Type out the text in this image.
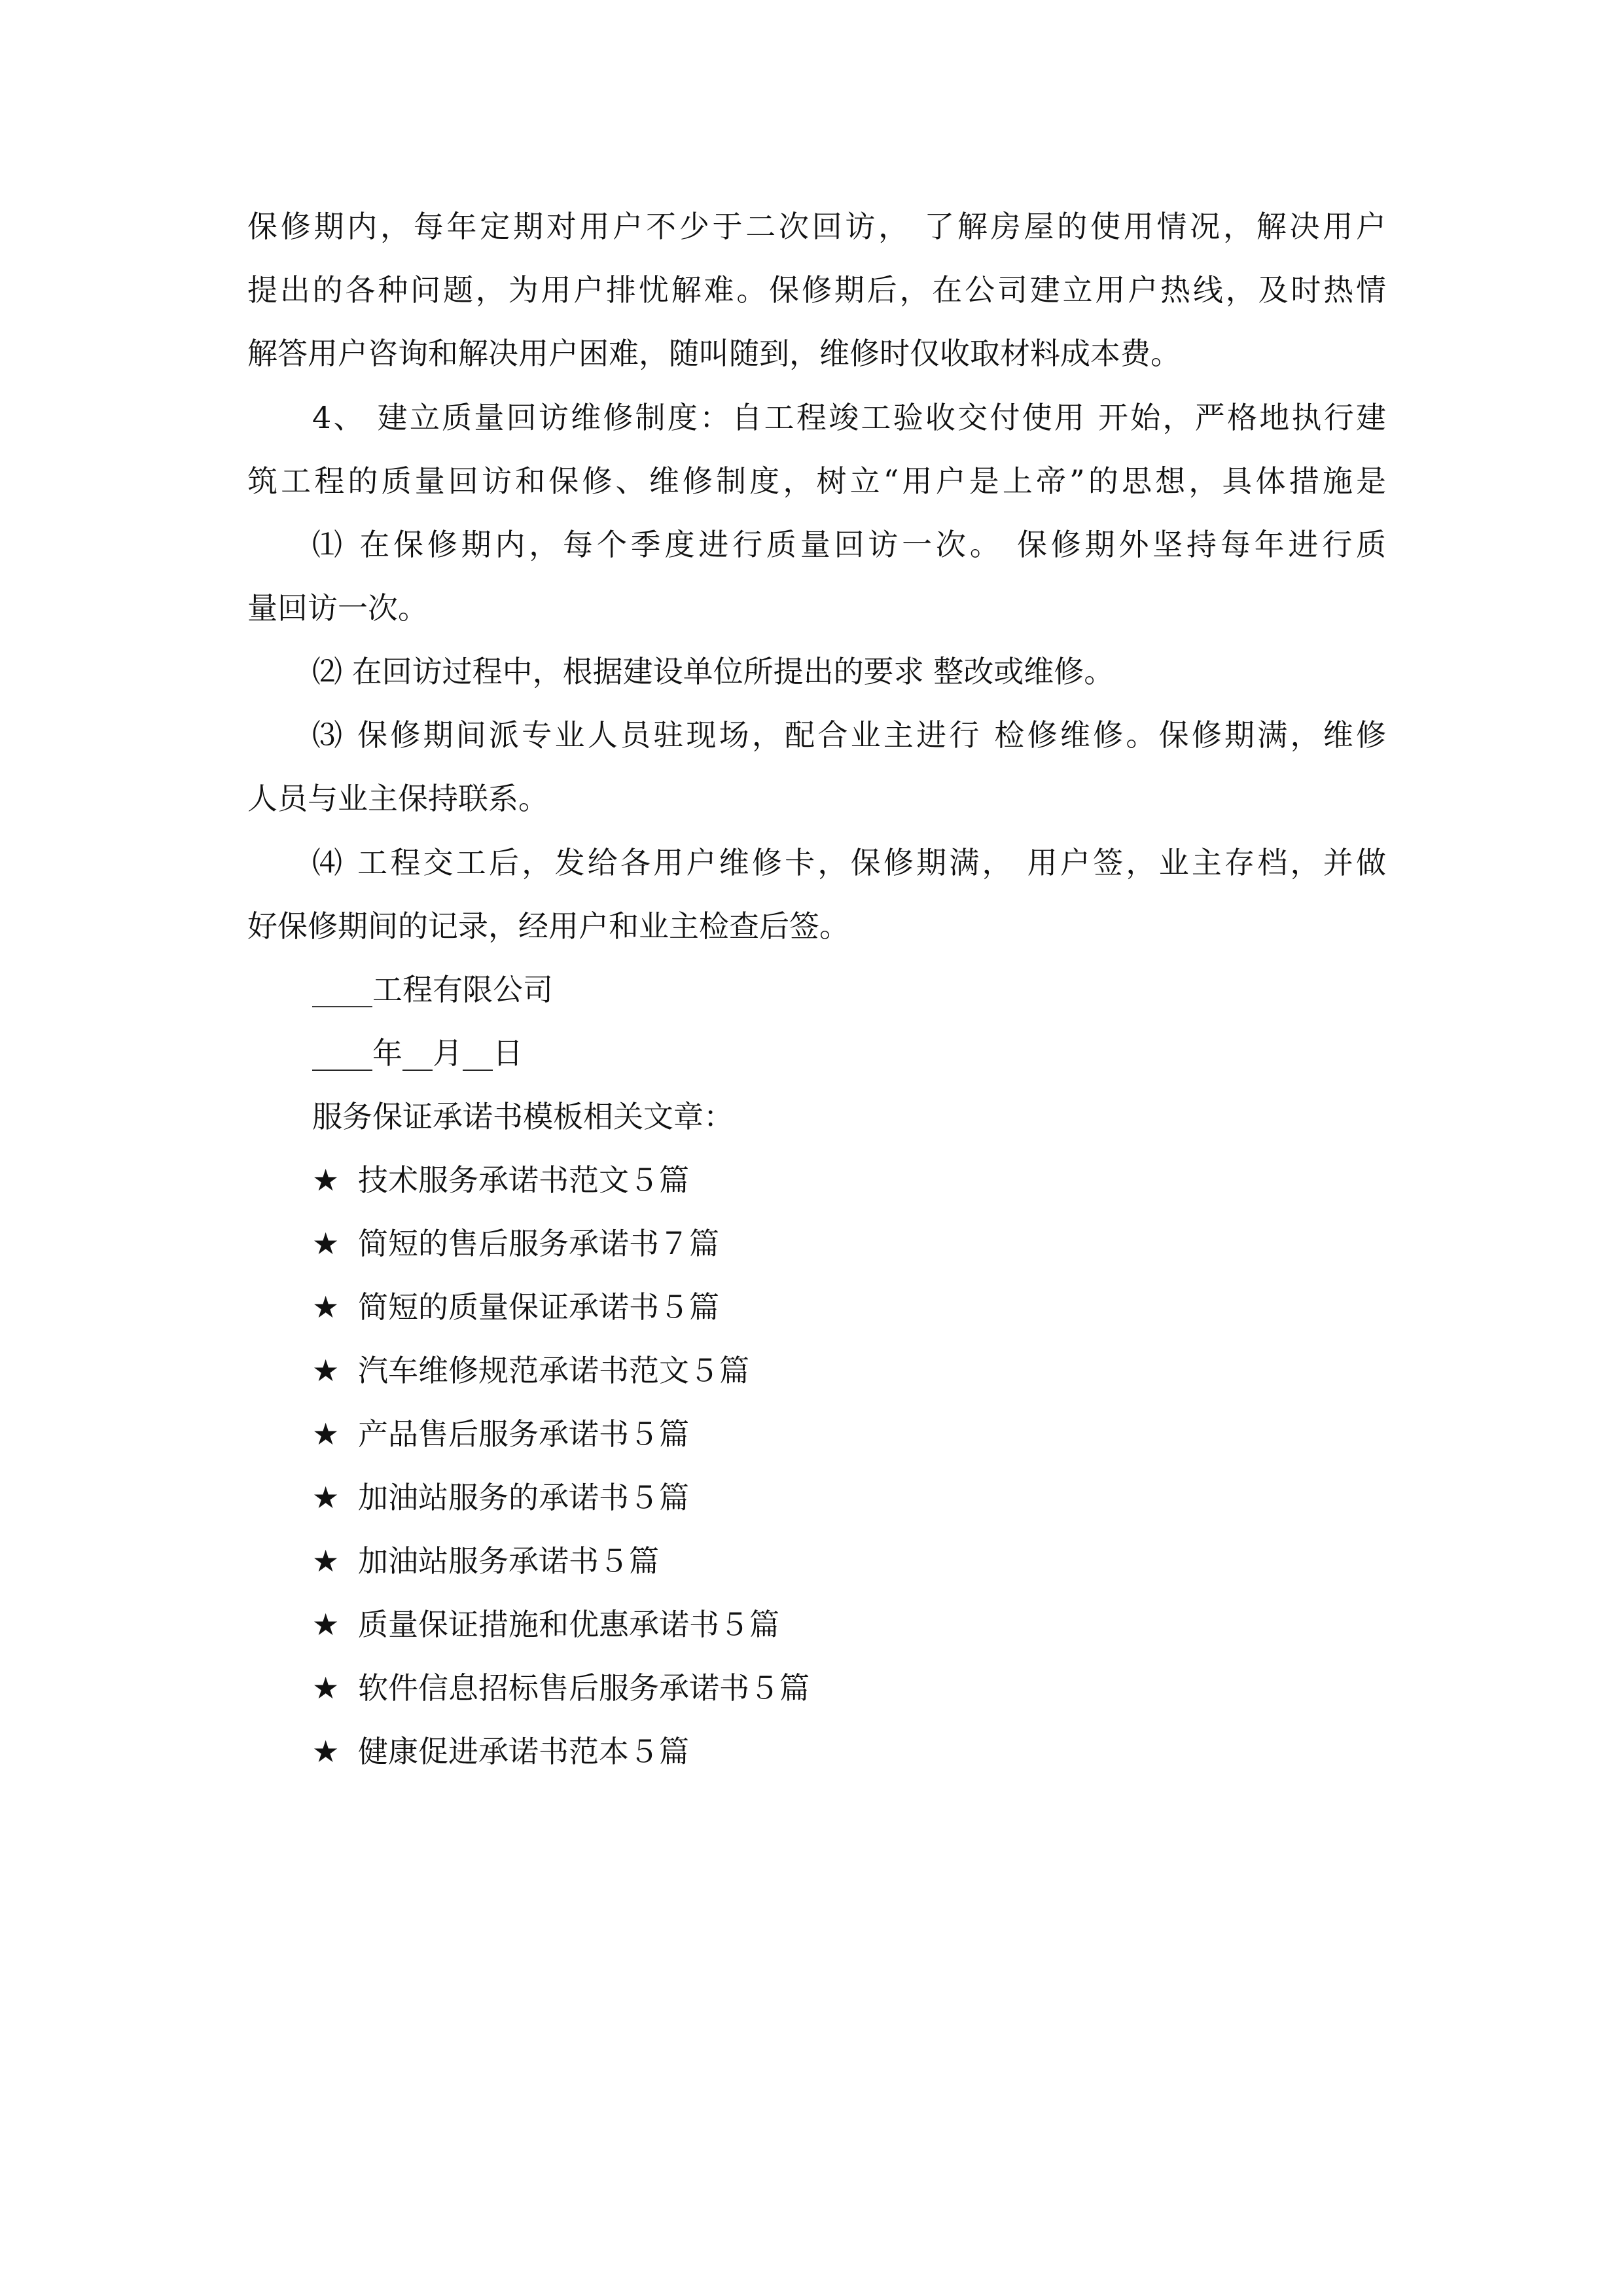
保修期内，每年定期对用户不少于二次回访， 了解房屋的使用情况，解决用户
提出的各种问题，为用户排忧解难。保修期后，在公司建立用户热线，及时热情
解答用户咨询和解决用户困难，随叫随到，维修时仅收取材料成本费。
4、 建立质量回访维修制度：自工程竣工验收交付使用 开始，严格地执行建
筑工程的质量回访和保修、维修制度，树立“用户是上帝”的思想，具体措施是
⑴ 在保修期内，每个季度进行质量回访一次。 保修期外坚持每年进行质
量回访一次。
⑵ 在回访过程中，根据建设单位所提出的要求 整改或维修。
⑶ 保修期间派专业人员驻现场，配合业主进行 检修维修。保修期满，维修
人员与业主保持联系。
⑷ 工程交工后，发给各用户维修卡，保修期满， 用户签，业主存档，并做
好保修期间的记录，经用户和业主检查后签。
____工程有限公司
____年__月__日
服务保证承诺书模板相关文章：
★ 技术服务承诺书范文５篇
★ 简短的售后服务承诺书７篇
★ 简短的质量保证承诺书５篇
★ 汽车维修规范承诺书范文５篇
★ 产品售后服务承诺书５篇
★ 加油站服务的承诺书５篇
★ 加油站服务承诺书５篇
★ 质量保证措施和优惠承诺书５篇
★ 软件信息招标售后服务承诺书５篇
★ 健康促进承诺书范本５篇
